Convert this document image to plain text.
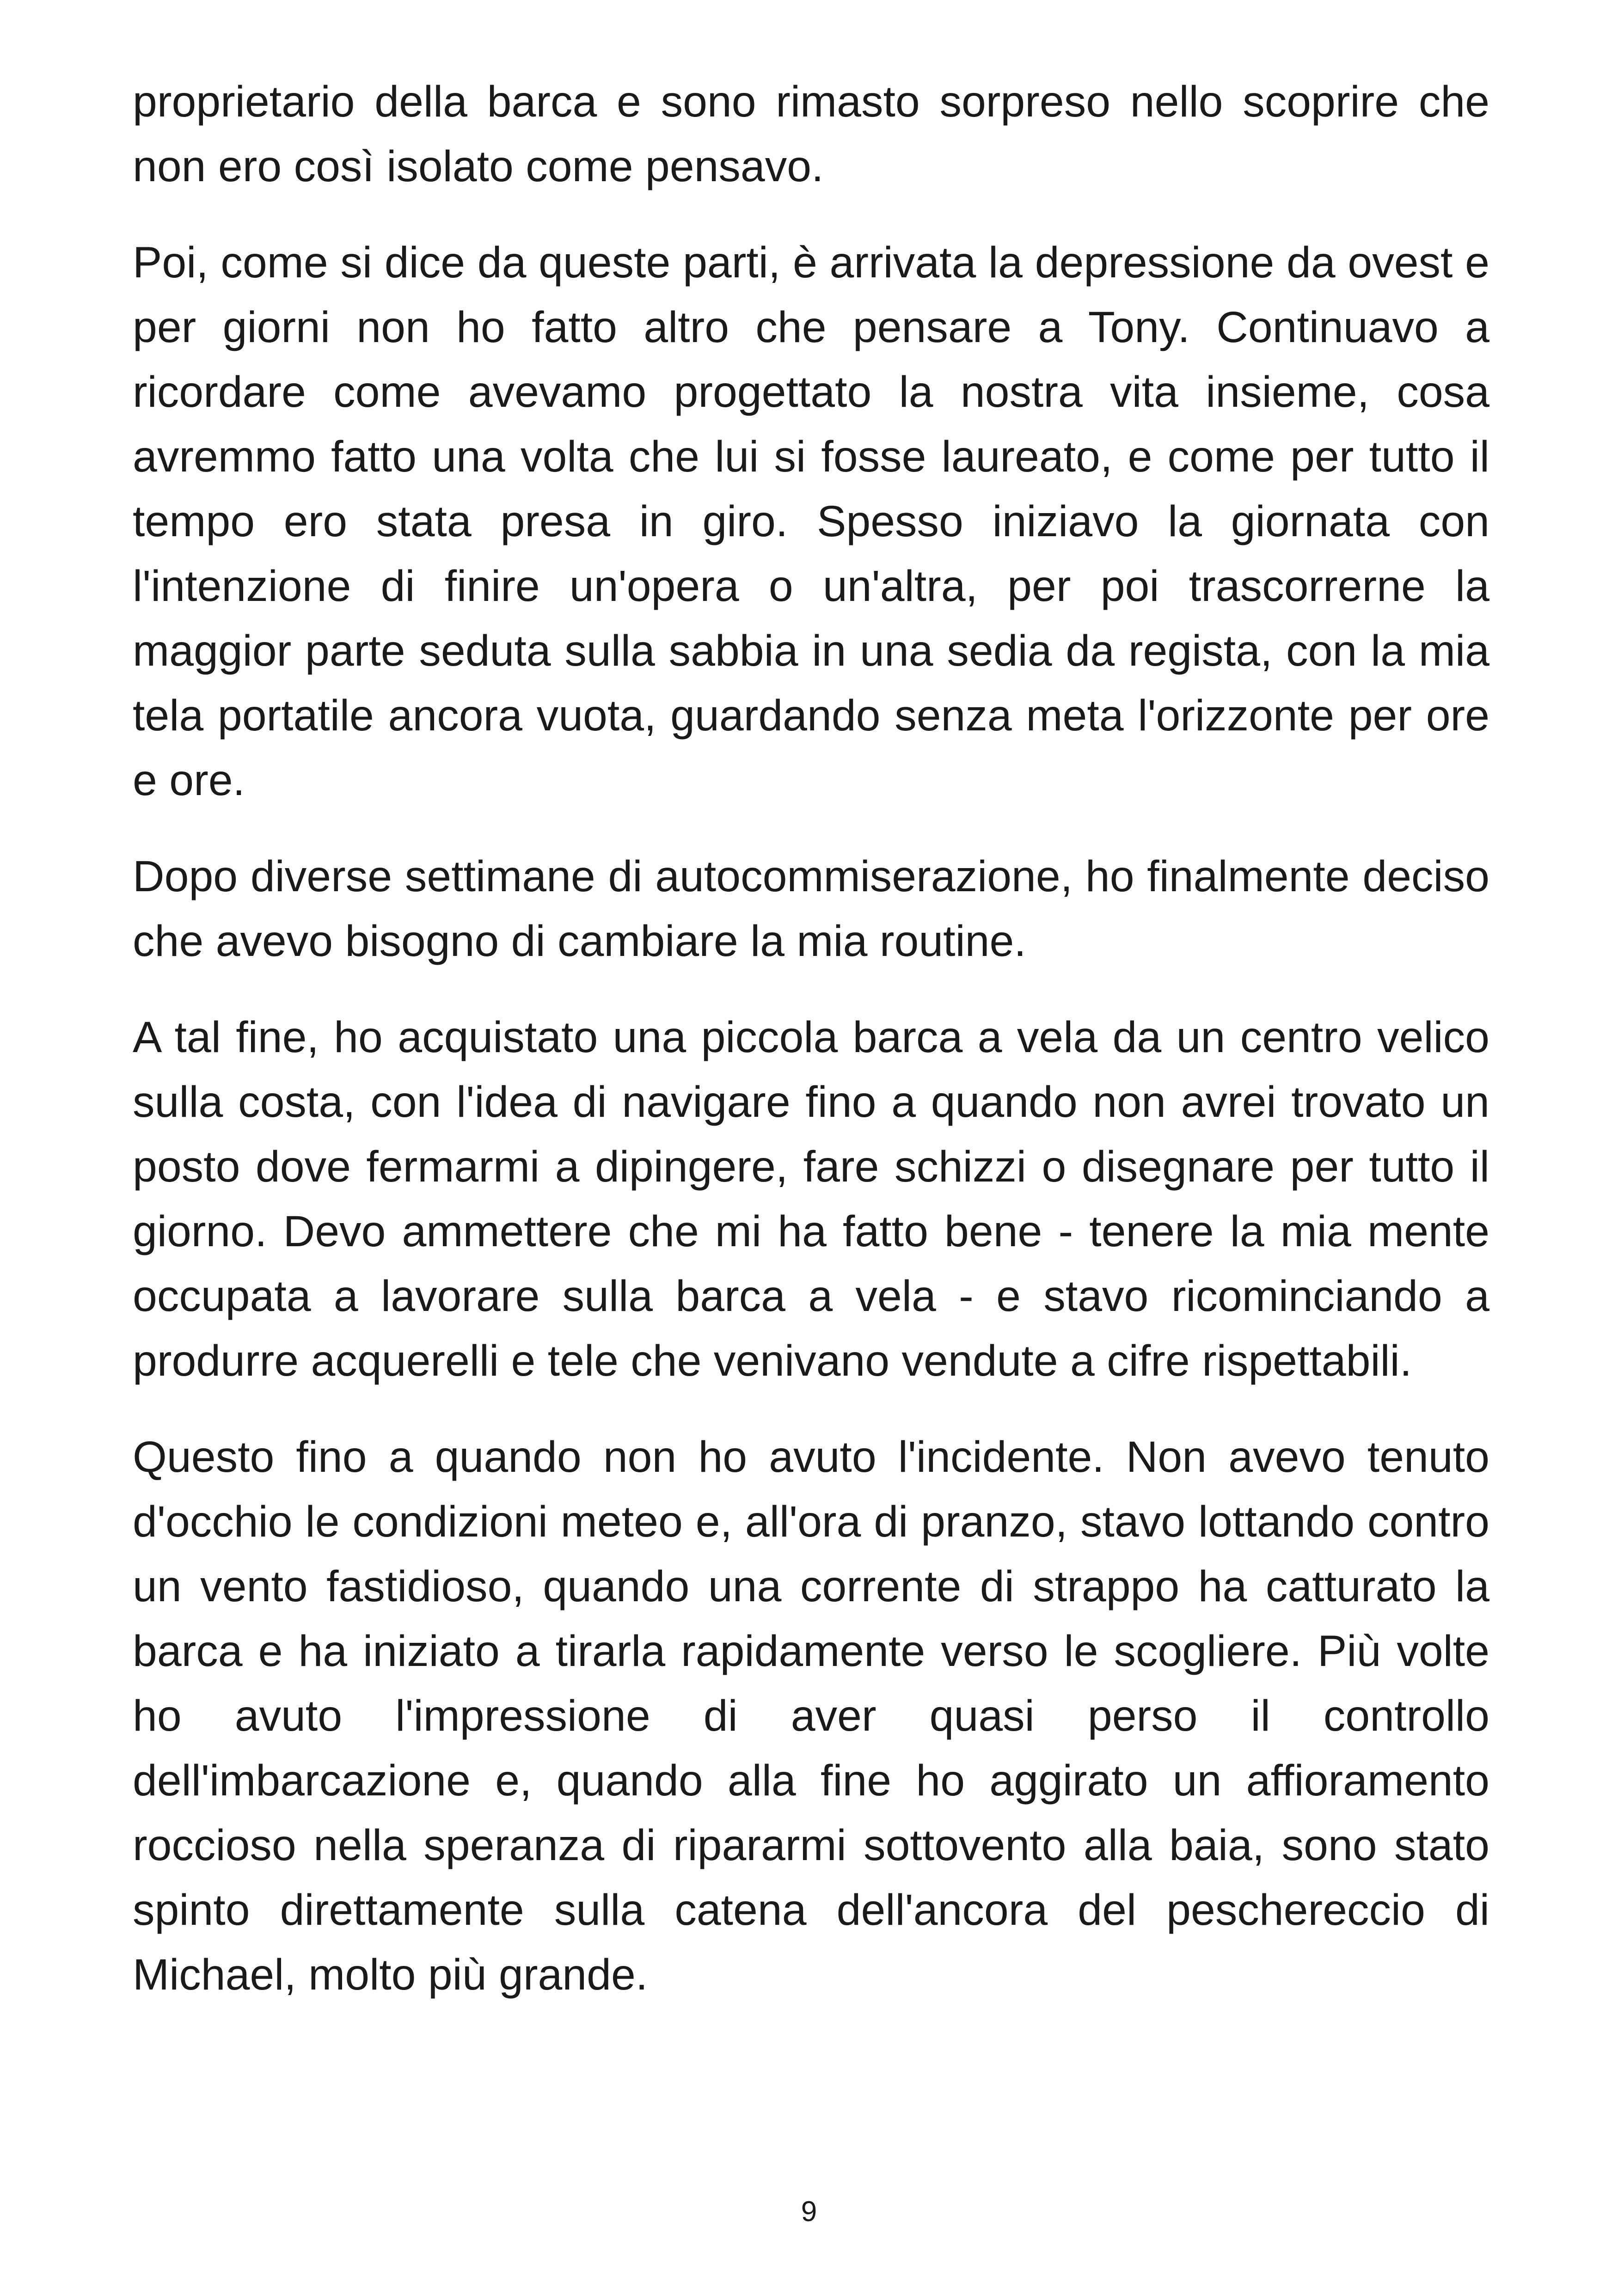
proprietario della barca e sono rimasto sorpreso nello scoprire che non ero così isolato come pensavo.

Poi, come si dice da queste parti, è arrivata la depressione da ovest e per giorni non ho fatto altro che pensare a Tony. Continuavo a ricordare come avevamo progettato la nostra vita insieme, cosa avremmo fatto una volta che lui si fosse laureato, e come per tutto il tempo ero stata presa in giro. Spesso iniziavo la giornata con l'intenzione di finire un'opera o un'altra, per poi trascorrerne la maggior parte seduta sulla sabbia in una sedia da regista, con la mia tela portatile ancora vuota, guardando senza meta l'orizzonte per ore e ore.

Dopo diverse settimane di autocommiserazione, ho finalmente deciso che avevo bisogno di cambiare la mia routine.

A tal fine, ho acquistato una piccola barca a vela da un centro velico sulla costa, con l'idea di navigare fino a quando non avrei trovato un posto dove fermarmi a dipingere, fare schizzi o disegnare per tutto il giorno. Devo ammettere che mi ha fatto bene - tenere la mia mente occupata a lavorare sulla barca a vela - e stavo ricominciando a produrre acquerelli e tele che venivano vendute a cifre rispettabili.

Questo fino a quando non ho avuto l'incidente. Non avevo tenuto d'occhio le condizioni meteo e, all'ora di pranzo, stavo lottando contro un vento fastidioso, quando una corrente di strappo ha catturato la barca e ha iniziato a tirarla rapidamente verso le scogliere. Più volte ho avuto l'impressione di aver quasi perso il controllo dell'imbarcazione e, quando alla fine ho aggirato un affioramento roccioso nella speranza di ripararmi sottovento alla baia, sono stato spinto direttamente sulla catena dell'ancora del peschereccio di Michael, molto più grande.

9
